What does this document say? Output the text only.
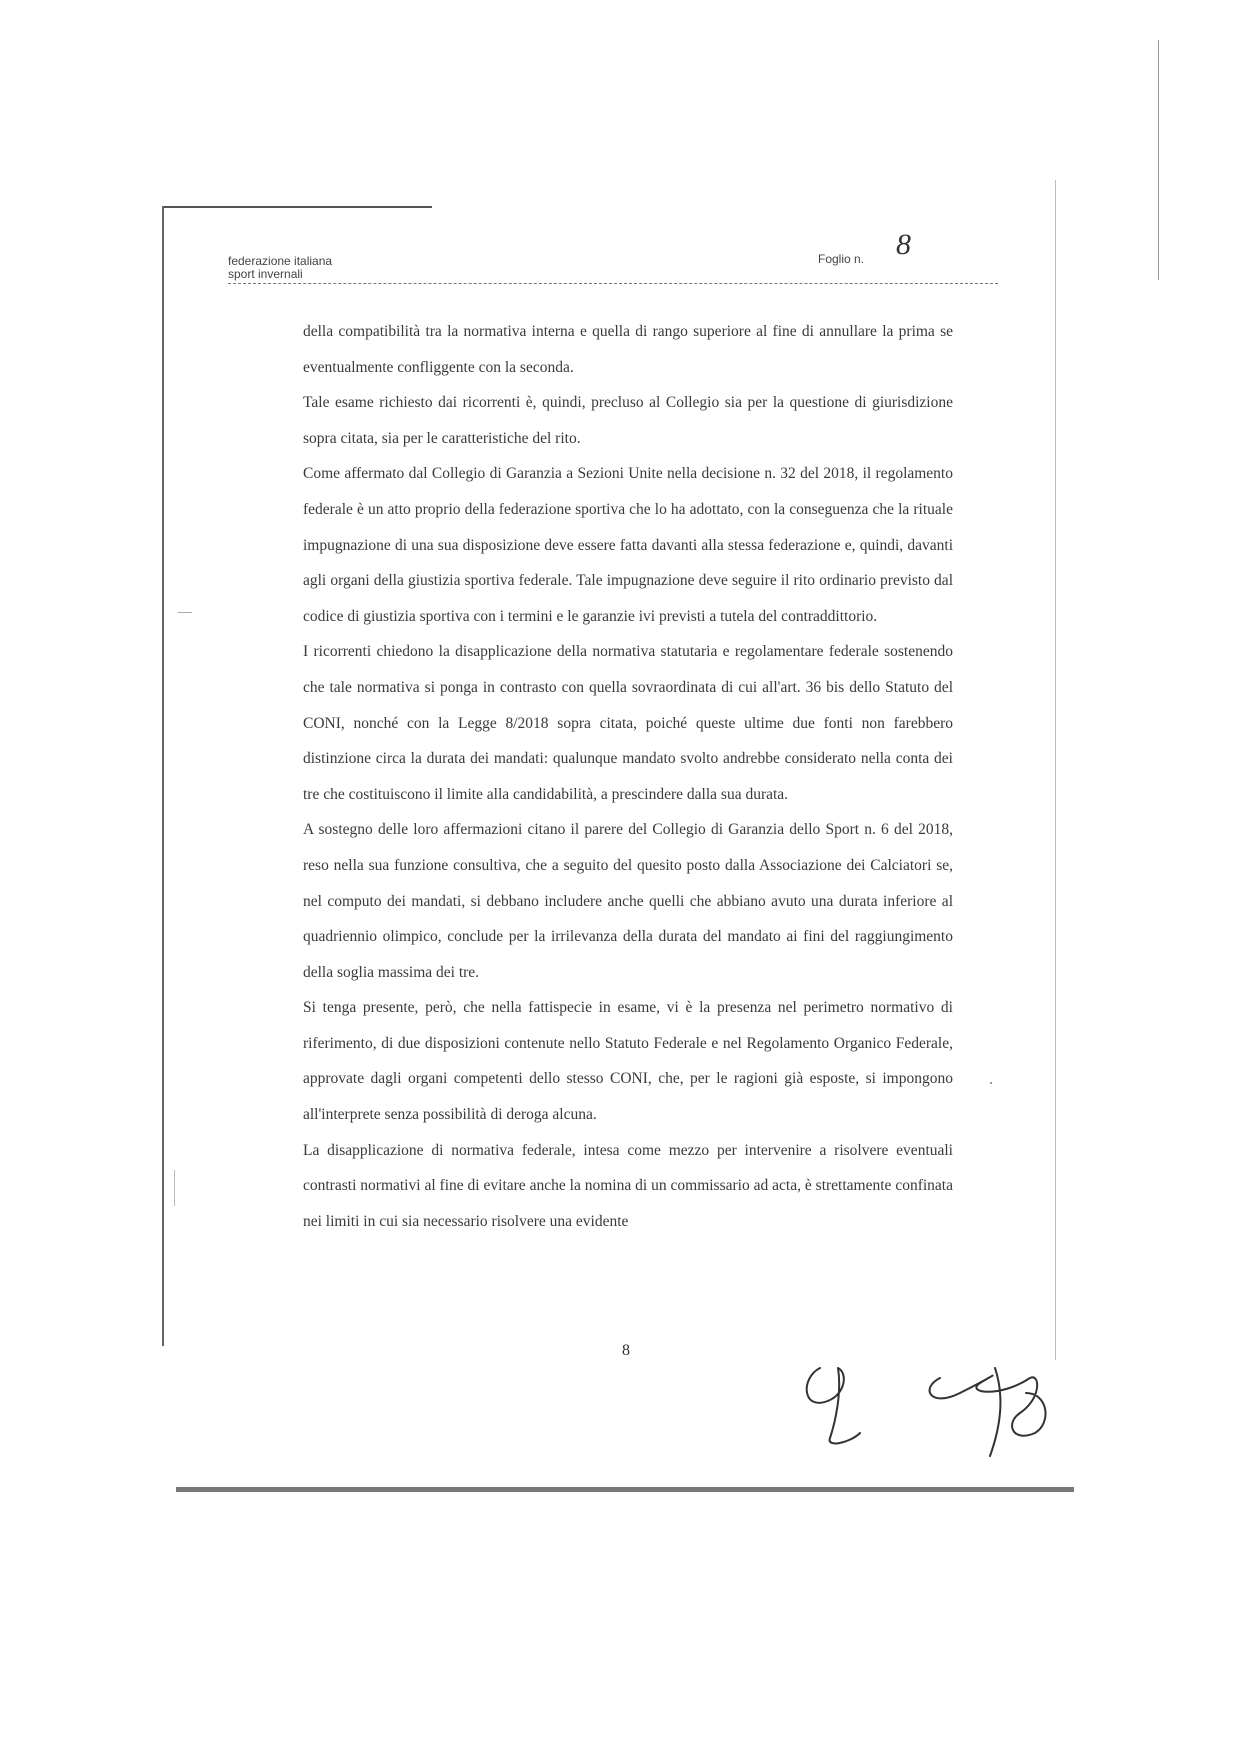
federazione italiana
sport invernali
Foglio n. 8

della compatibilità tra la normativa interna e quella di rango superiore al fine di annullare la prima se eventualmente confliggente con la seconda.

Tale esame richiesto dai ricorrenti è, quindi, precluso al Collegio sia per la questione di giurisdizione sopra citata, sia per le caratteristiche del rito.

Come affermato dal Collegio di Garanzia a Sezioni Unite nella decisione n. 32 del 2018, il regolamento federale è un atto proprio della federazione sportiva che lo ha adottato, con la conseguenza che la rituale impugnazione di una sua disposizione deve essere fatta davanti alla stessa federazione e, quindi, davanti agli organi della giustizia sportiva federale. Tale impugnazione deve seguire il rito ordinario previsto dal codice di giustizia sportiva con i termini e le garanzie ivi previsti a tutela del contraddittorio.

I ricorrenti chiedono la disapplicazione della normativa statutaria e regolamentare federale sostenendo che tale normativa si ponga in contrasto con quella sovraordinata di cui all'art. 36 bis dello Statuto del CONI, nonché con la Legge 8/2018 sopra citata, poiché queste ultime due fonti non farebbero distinzione circa la durata dei mandati: qualunque mandato svolto andrebbe considerato nella conta dei tre che costituiscono il limite alla candidabilità, a prescindere dalla sua durata.

A sostegno delle loro affermazioni citano il parere del Collegio di Garanzia dello Sport n. 6 del 2018, reso nella sua funzione consultiva, che a seguito del quesito posto dalla Associazione dei Calciatori se, nel computo dei mandati, si debbano includere anche quelli che abbiano avuto una durata inferiore al quadriennio olimpico, conclude per la irrilevanza della durata del mandato ai fini del raggiungimento della soglia massima dei tre.

Si tenga presente, però, che nella fattispecie in esame, vi è la presenza nel perimetro normativo di riferimento, di due disposizioni contenute nello Statuto Federale e nel Regolamento Organico Federale, approvate dagli organi competenti dello stesso CONI, che, per le ragioni già esposte, si impongono all'interprete senza possibilità di deroga alcuna.

La disapplicazione di normativa federale, intesa come mezzo per intervenire a risolvere eventuali contrasti normativi al fine di evitare anche la nomina di un commissario ad acta, è strettamente confinata nei limiti in cui sia necessario risolvere una evidente

8
